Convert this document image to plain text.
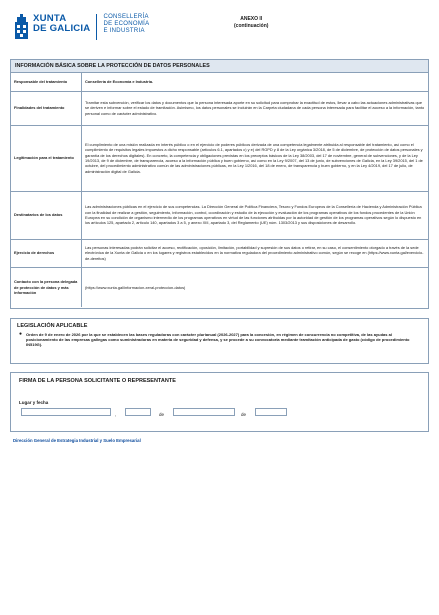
XUNTA
DE GALICIA
CONSELLERÍA
DE ECONOMÍA
E INDUSTRIA
ANEXO II
(continuación)
INFORMACIÓN BÁSICA SOBRE LA PROTECCIÓN DE DATOS PERSONALES
Responsable del tratamiento	Consellería de Economía e Industria.
Finalidades del tratamiento	Tramitar esta subvención, verificar los datos y documentos que la persona interesada aporte en su solicitud para comprobar la exactitud de estos, llevar a cabo las actuaciones administrativas que se deriven e informar sobre el estado de tramitación. Asimismo, los datos personales se incluirán en la Carpeta ciudadana de cada persona interesada para facilitar el acceso a la información, tanto personal como de carácter administrativo.
Legitimación para el tratamiento	El cumplimiento de una misión realizada en interés público o en el ejercicio de poderes públicos derivada de una competencia legalmente atribuida al responsable del tratamiento, así como el cumplimiento de requisitos legales impuestos a dicho responsable (artículos 6.1, apartados c) y e) del RGPD y 8 de la Ley orgánica 3/2018, de 5 de diciembre, de protección de datos personales y garantía de los derechos digitales). En concreto, la competencia y obligaciones previstas en los preceptos básicos de la Ley 38/2003, del 17 de noviembre, general de subvenciones, y de la Ley 19/2013, de 9 de diciembre, de transparencia, acceso a la información pública y buen gobierno, así como en la Ley 9/2007, del 13 de junio, de subvenciones de Galicia, en la Ley 39/2015, del 1 de octubre, del procedimiento administrativo común de las administraciones públicas, en la Ley 1/2016, del 18 de enero, de transparencia y buen gobierno, y en la Ley 4/2019, del 17 de julio, de administración digital de Galicia.
Destinatarios de los datos	Las administraciones públicas en el ejercicio de sus competencias. La Dirección General de Política Financiera, Tesoro y Fondos Europeos de la Consellería de Hacienda y Administración Pública con la finalidad de realizar a gestión, seguimiento, información, control, coordinación y estudio de la ejecución y evaluación de los programas operativos de los fondos procedentes de la Unión Europea en su condición de organismo intermedio de los programas operativos en virtud de las funciones atribuidas por la autoridad de gestión de los programas operativos según lo dispuesto en los artículos 125, apartado 2, artículo 140, apartados 3 a 5, y anexo XIII, apartado 3, del Reglamento (UE) núm. 1303/2013 y sus disposiciones de desarrollo.
Ejercicio de derechos	Las personas interesadas podrán solicitar el acceso, rectificación, oposición, limitación, portabilidad y supresión de sus datos o retirar, en su caso, el consentimiento otorgado a través de la sede electrónica de la Xunta de Galicia o en los lugares y registros establecidos en la normativa reguladora del procedimiento administrativo común, según se recoge en (https://www.xunta.gal/exercicio-de-dereitos)
Contacto con la persona delegada de protección de datos y más información	(https://www.xunta.gal/informacion-xeral-proteccion-datos)
LEGISLACIÓN APLICABLE
● Orden de 9 de enero de 2026 por la que se establecen las bases reguladoras con carácter plurianual (2026-2027) para la concesión, en régimen de concurrencia no competitiva, de las ayudas al posicionamiento de las empresas gallegas como suministradoras en materia de seguridad y defensa, y se procede a su convocatoria mediante tramitación anticipada de gasto (código de procedimiento IN519G).
FIRMA DE LA PERSONA SOLICITANTE O REPRESENTANTE
Lugar y fecha
,	de	de
Dirección General de Estrategia Industrial y Suelo Empresarial
